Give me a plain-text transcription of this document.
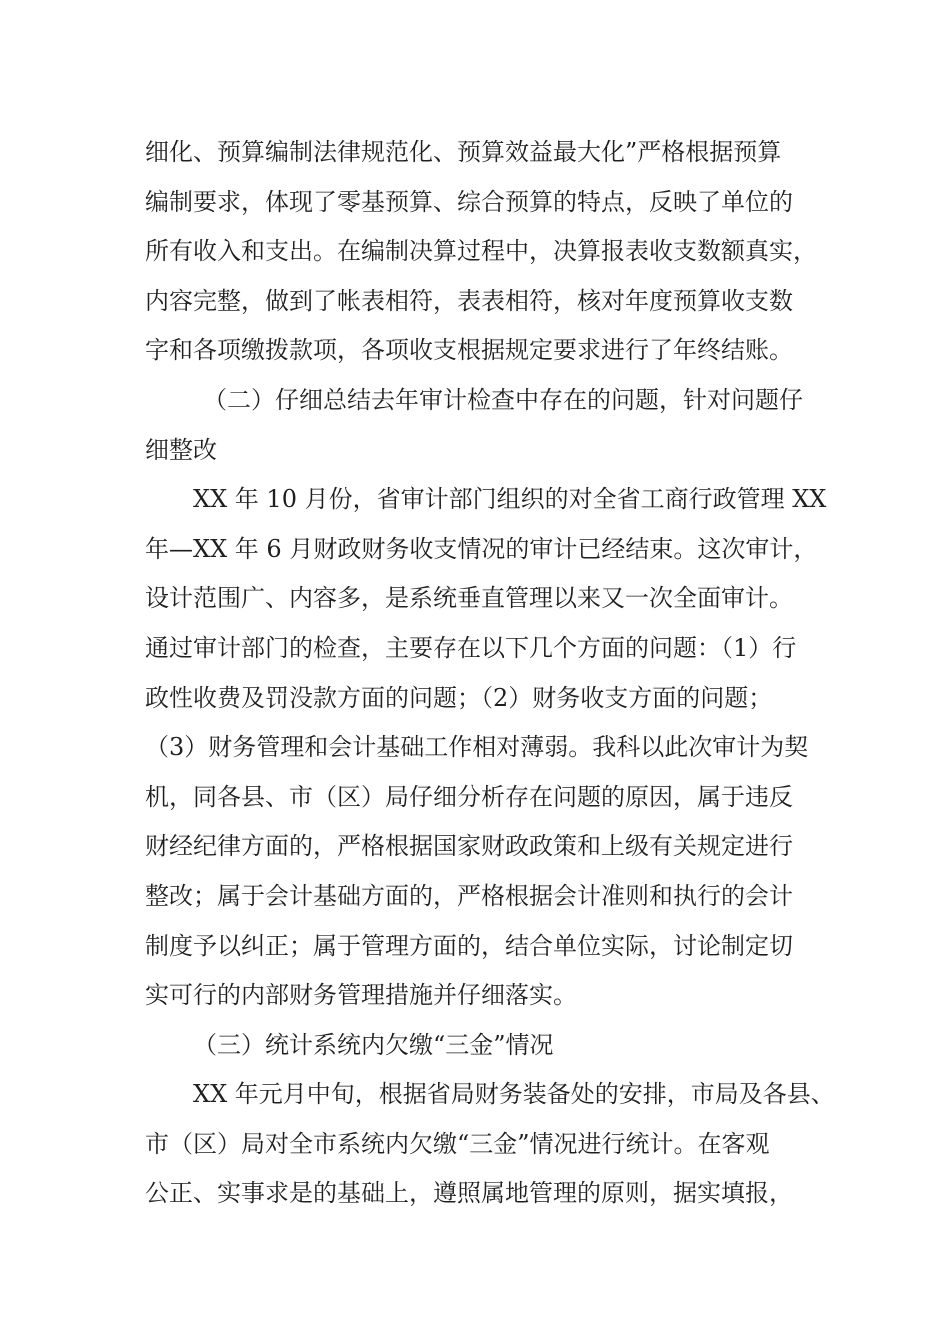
细化、预算编制法律规范化、预算效益最大化”严格根据预算
编制要求，体现了零基预算、综合预算的特点，反映了单位的
所有收入和支出。在编制决算过程中，决算报表收支数额真实，
内容完整，做到了帐表相符，表表相符，核对年度预算收支数
字和各项缴拨款项，各项收支根据规定要求进行了年终结账。
（二）仔细总结去年审计检查中存在的问题，针对问题仔
细整改
XX 年 10 月份，省审计部门组织的对全省工商行政管理 XX
年—XX 年 6 月财政财务收支情况的审计已经结束。这次审计，
设计范围广、内容多，是系统垂直管理以来又一次全面审计。
通过审计部门的检查，主要存在以下几个方面的问题：（1）行
政性收费及罚没款方面的问题；（2）财务收支方面的问题；
（3）财务管理和会计基础工作相对薄弱。我科以此次审计为契
机，同各县、市（区）局仔细分析存在问题的原因，属于违反
财经纪律方面的，严格根据国家财政政策和上级有关规定进行
整改；属于会计基础方面的，严格根据会计准则和执行的会计
制度予以纠正；属于管理方面的，结合单位实际，讨论制定切
实可行的内部财务管理措施并仔细落实。
（三）统计系统内欠缴“三金”情况
XX 年元月中旬，根据省局财务装备处的安排，市局及各县、
市（区）局对全市系统内欠缴“三金”情况进行统计。在客观
公正、实事求是的基础上，遵照属地管理的原则，据实填报，
